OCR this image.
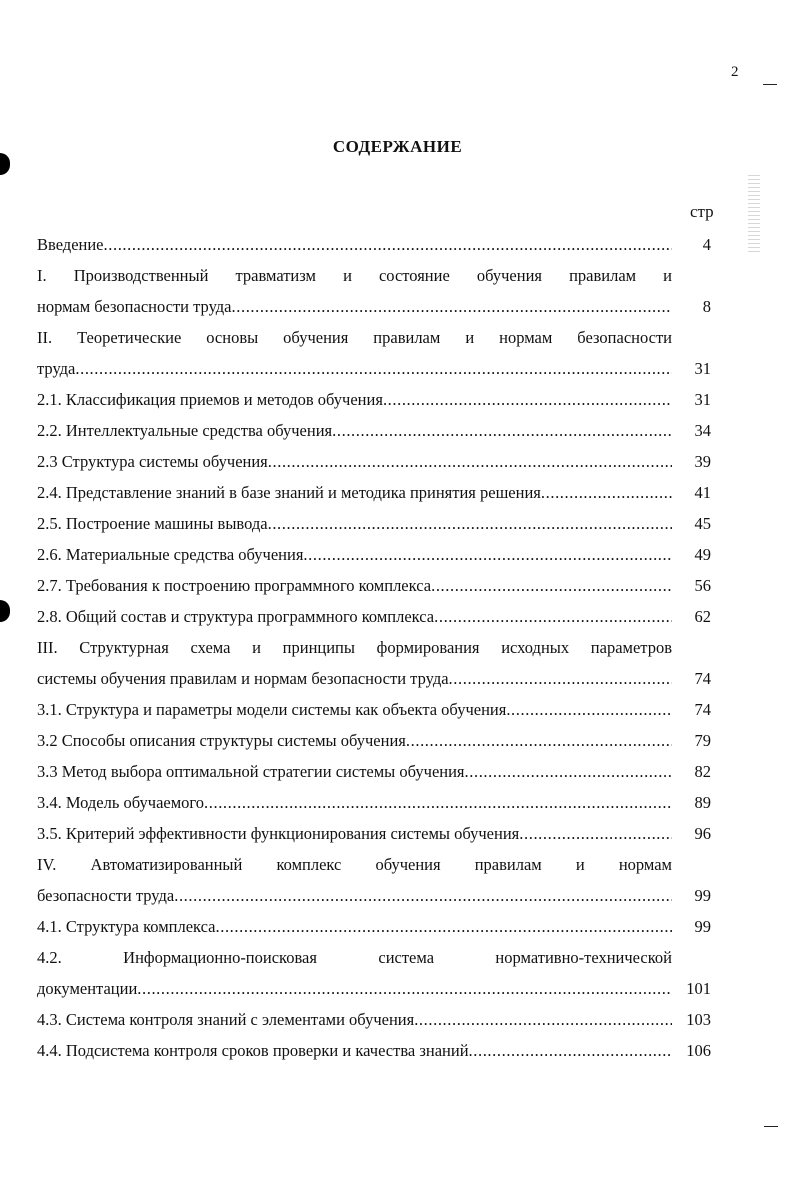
2
СОДЕРЖАНИЕ
стр
Введение .....	4
I. Производственный травматизм и состояние обучения правилам и
нормам безопасности труда .....	8
II. Теоретические основы обучения правилам и нормам безопасности
труда .....	31
2.1. Классификация приемов и методов обучения .....	31
2.2. Интеллектуальные средства обучения .....	34
2.3 Структура системы обучения .....	39
2.4. Представление знаний в базе знаний и методика принятия решения .....	41
2.5. Построение машины вывода .....	45
2.6. Материальные средства обучения .....	49
2.7. Требования к построению программного комплекса .....	56
2.8. Общий состав и структура программного комплекса .....	62
III. Структурная схема и принципы формирования исходных параметров
системы обучения правилам и нормам безопасности труда .....	74
3.1. Структура и параметры модели системы как объекта обучения .....	74
3.2 Способы описания структуры системы обучения .....	79
3.3 Метод выбора оптимальной стратегии системы обучения .....	82
3.4. Модель обучаемого .....	89
3.5. Критерий эффективности функционирования системы обучения .....	96
IV. Автоматизированный комплекс обучения правилам и нормам
безопасности труда .....	99
4.1. Структура комплекса .....	99
4.2. Информационно-поисковая система нормативно-технической
документации .....	101
4.3. Система контроля знаний с элементами обучения .....	103
4.4. Подсистема контроля сроков проверки и качества знаний .....	106
